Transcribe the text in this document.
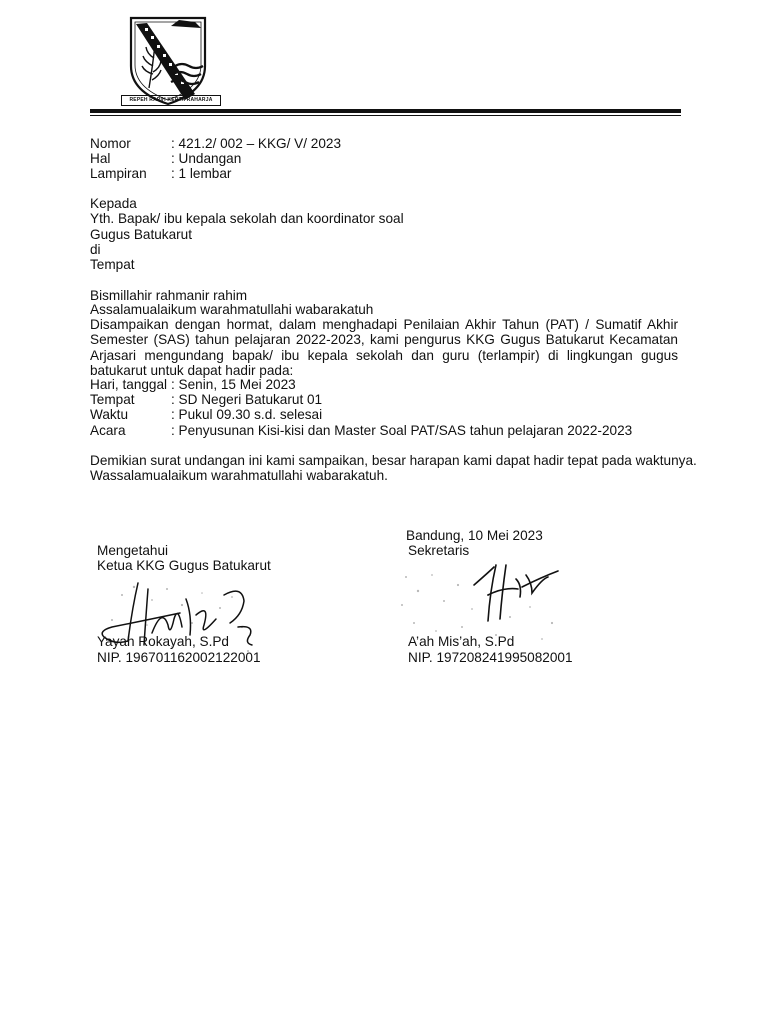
REPEH RAPIH KERTA RAHARJA
Nomor	: 421.2/ 002 – KKG/ V/ 2023
Hal	: Undangan
Lampiran : 1 lembar
Kepada
Yth. Bapak/ ibu kepala sekolah dan koordinator soal
Gugus Batukarut
di
Tempat
Bismillahir rahmanir rahim
Assalamualaikum warahmatullahi wabarakatuh
Disampaikan dengan hormat, dalam menghadapi Penilaian Akhir Tahun (PAT) / Sumatif Akhir Semester (SAS) tahun pelajaran 2022-2023, kami pengurus KKG Gugus Batukarut Kecamatan Arjasari mengundang bapak/ ibu kepala sekolah dan guru (terlampir) di lingkungan gugus batukarut untuk dapat hadir pada:
Hari, tanggal : Senin, 15 Mei 2023
Tempat	: SD Negeri Batukarut 01
Waktu	: Pukul 09.30 s.d. selesai
Acara	: Penyusunan Kisi-kisi dan Master Soal PAT/SAS tahun pelajaran 2022-2023
Demikian surat undangan ini kami sampaikan, besar harapan kami dapat hadir tepat pada waktunya.
Wassalamualaikum warahmatullahi wabarakatuh.
Mengetahui
Ketua KKG Gugus Batukarut
Yayah Rokayah, S.Pd
NIP. 196701162002122001
Bandung, 10 Mei 2023
Sekretaris
A’ah Mis’ah, S.Pd
NIP. 197208241995082001
